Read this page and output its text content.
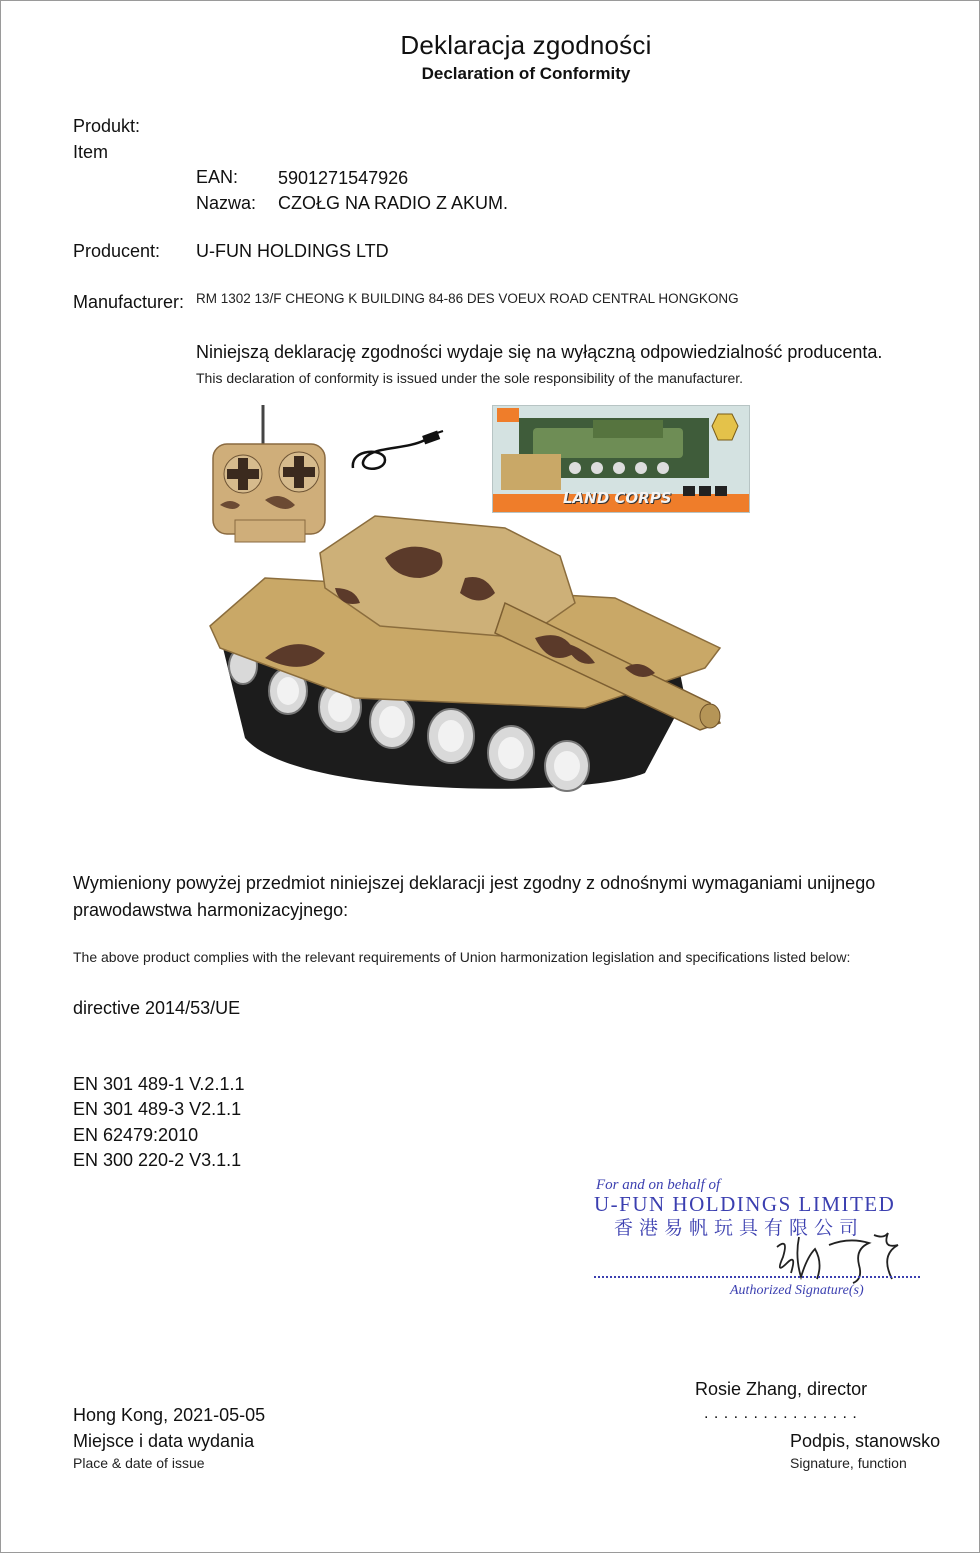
Deklaracja zgodności
Declaration of Conformity
Produkt:
Item
EAN: 5901271547926
Nazwa: CZOŁG NA RADIO Z AKUM.
Producent: U-FUN HOLDINGS LTD
Manufacturer: RM 1302 13/F CHEONG K BUILDING 84-86 DES VOEUX ROAD CENTRAL HONGKONG
Niniejszą deklarację zgodności wydaje się na wyłączną odpowiedzialność producenta.
This declaration of conformity is issued under the sole responsibility of the manufacturer.
LAND CORPS
Wymieniony powyżej przedmiot niniejszej deklaracji jest zgodny z odnośnymi wymaganiami unijnego
prawodawstwa harmonizacyjnego:
The above product complies with the relevant requirements of Union harmonization legislation and specifications listed below:
directive 2014/53/UE
EN 301 489-1 V.2.1.1
EN 301 489-3 V2.1.1
EN 62479:2010
EN 300 220-2 V3.1.1
For and on behalf of
U-FUN HOLDINGS LIMITED
香港易帆玩具有限公司
Authorized Signature(s)
Rosie Zhang, director
. . . . . . . . . . . . . . . .
Hong Kong, 2021-05-05
Miejsce i data wydania
Place & date of issue
Podpis, stanowsko
Signature, function
